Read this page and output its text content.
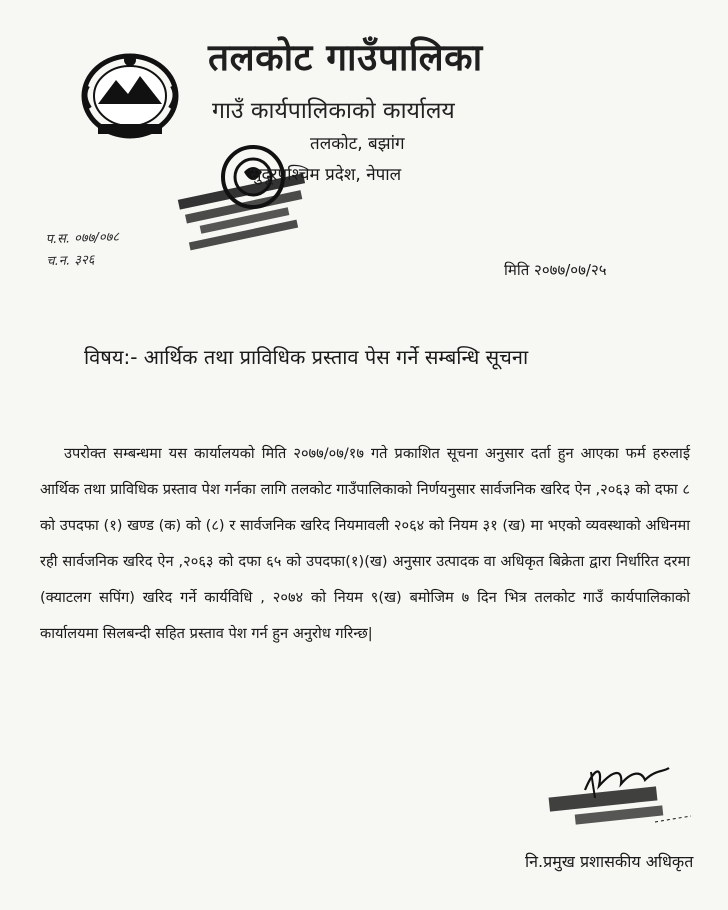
तलकोट गाउँपालिका
गाउँ कार्यपालिकाको कार्यालय
तलकोट, बझांग
सुदूरपश्चिम प्रदेश, नेपाल
प.स. ०७७/०७८
च.न. ३२६
मिति २०७७/०७/२५
विषय:- आर्थिक तथा प्राविधिक प्रस्ताव पेस गर्ने सम्बन्धि सूचना

उपरोक्त सम्बन्धमा यस कार्यालयको मिति २०७७/०७/१७ गते प्रकाशित सूचना अनुसार दर्ता हुन आएका फर्म हरुलाई आर्थिक तथा प्राविधिक प्रस्ताव पेश गर्नका लागि तलकोट गाउँपालिकाको निर्णयनुसार सार्वजनिक खरिद ऐन ,२०६३ को दफा ८ को उपदफा (१) खण्ड (क) को (८) र सार्वजनिक खरिद नियमावली २०६४ को नियम ३१ (ख) मा भएको व्यवस्थाको अधिनमा रही सार्वजनिक खरिद ऐन ,२०६३ को दफा ६५ को उपदफा(१)(ख) अनुसार उत्पादक वा अधिकृत बिक्रेता द्वारा निर्धारित दरमा (क्याटलग सपिंग) खरिद गर्ने कार्यविधि , २०७४ को नियम ९(ख) बमोजिम ७ दिन भित्र तलकोट गाउँ कार्यपालिकाको कार्यालयमा सिलबन्दी सहित प्रस्ताव पेश गर्न हुन अनुरोध गरिन्छ|

नि.प्रमुख प्रशासकीय अधिकृत
